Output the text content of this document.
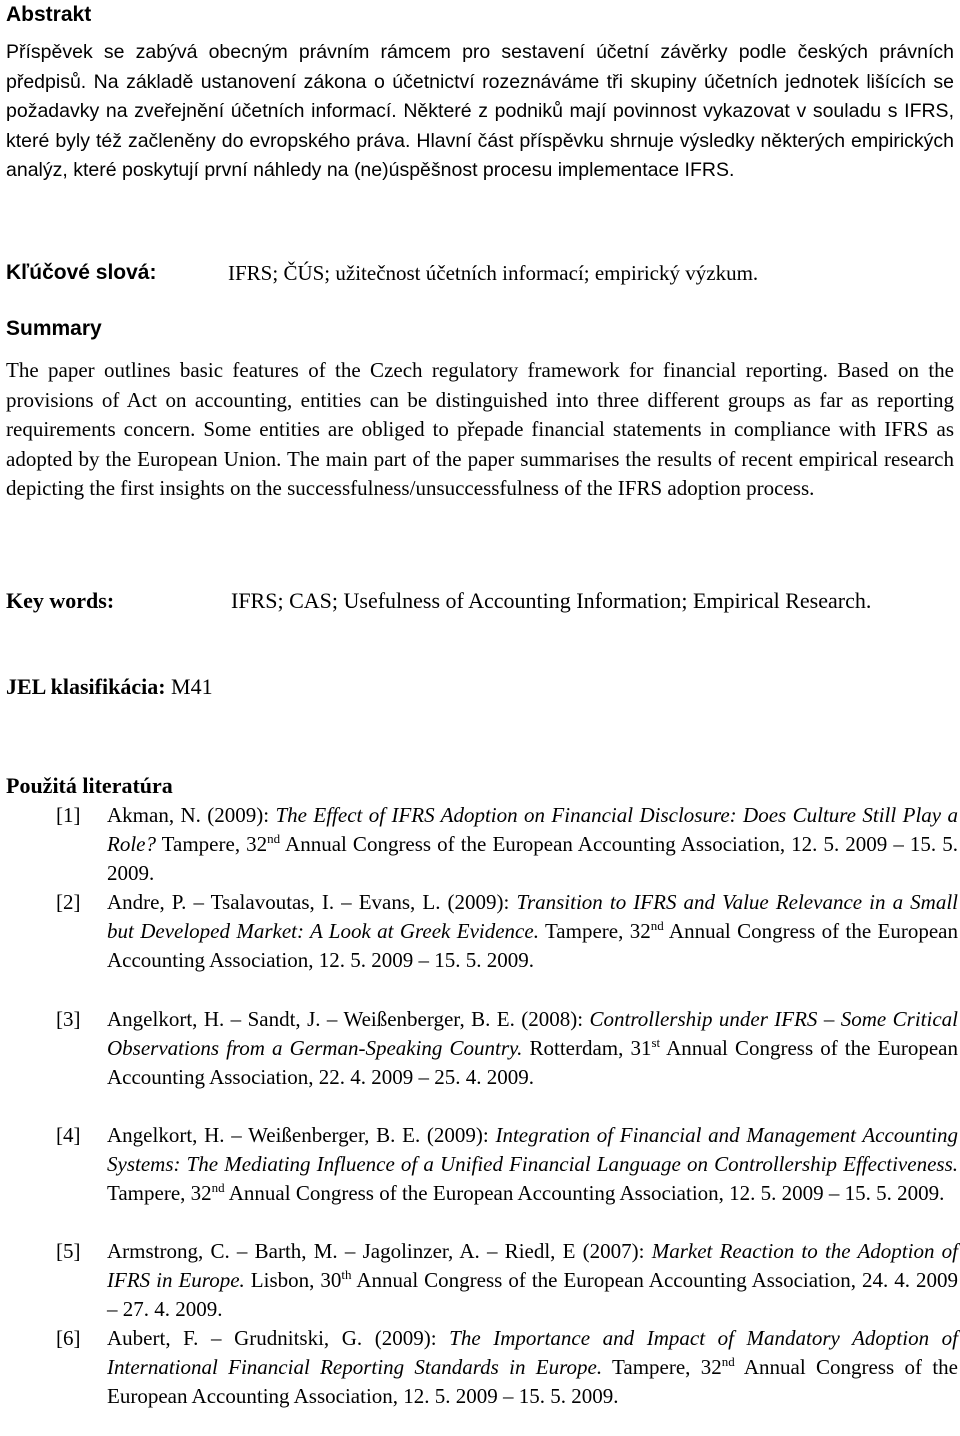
Abstrakt

Příspěvek se zabývá obecným právním rámcem pro sestavení účetní závěrky podle českých právních předpisů. Na základě ustanovení zákona o účetnictví rozeznáváme tři skupiny účetních jednotek lišících se požadavky na zveřejnění účetních informací. Některé z podniků mají povinnost vykazovat v souladu s IFRS, které byly též začleněny do evropského práva. Hlavní část příspěvku shrnuje výsledky některých empirických analýz, které poskytují první náhledy na (ne)úspěšnost procesu implementace IFRS.

Kľúčové slová:	IFRS; ČÚS; užitečnost účetních informací; empirický výzkum.

Summary

The paper outlines basic features of the Czech regulatory framework for financial reporting. Based on the provisions of Act on accounting, entities can be distinguished into three different groups as far as reporting requirements concern. Some entities are obliged to přepade financial statements in compliance with IFRS as adopted by the European Union. The main part of the paper summarises the results of recent empirical research depicting the first insights on the successfulness/unsuccessfulness of the IFRS adoption process.

Key words:	IFRS; CAS; Usefulness of Accounting Information; Empirical Research.

JEL klasifikácia: M41

Použitá literatúra
[1] Akman, N. (2009): The Effect of IFRS Adoption on Financial Disclosure: Does Culture Still Play a Role? Tampere, 32nd Annual Congress of the European Accounting Association, 12. 5. 2009 – 15. 5. 2009.
[2] Andre, P. – Tsalavoutas, I. – Evans, L. (2009): Transition to IFRS and Value Relevance in a Small but Developed Market: A Look at Greek Evidence. Tampere, 32nd Annual Congress of the European Accounting Association, 12. 5. 2009 – 15. 5. 2009.
[3] Angelkort, H. – Sandt, J. – Weißenberger, B. E. (2008): Controllership under IFRS – Some Critical Observations from a German-Speaking Country. Rotterdam, 31st Annual Congress of the European Accounting Association, 22. 4. 2009 – 25. 4. 2009.
[4] Angelkort, H. – Weißenberger, B. E. (2009): Integration of Financial and Management Accounting Systems: The Mediating Influence of a Unified Financial Language on Controllership Effectiveness. Tampere, 32nd Annual Congress of the European Accounting Association, 12. 5. 2009 – 15. 5. 2009.
[5] Armstrong, C. – Barth, M. – Jagolinzer, A. – Riedl, E (2007): Market Reaction to the Adoption of IFRS in Europe. Lisbon, 30th Annual Congress of the European Accounting Association, 24. 4. 2009 – 27. 4. 2009.
[6] Aubert, F. – Grudnitski, G. (2009): The Importance and Impact of Mandatory Adoption of International Financial Reporting Standards in Europe. Tampere, 32nd Annual Congress of the European Accounting Association, 12. 5. 2009 – 15. 5. 2009.
